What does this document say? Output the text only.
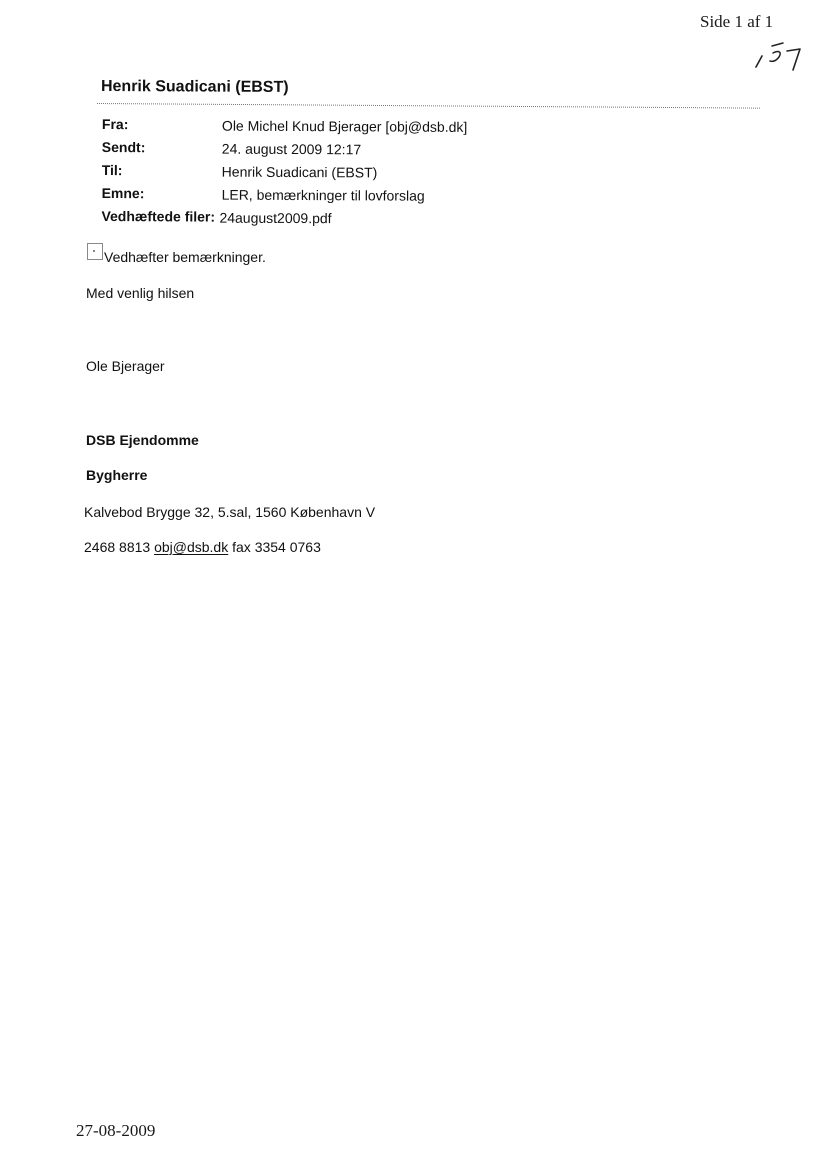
Side 1 af 1
Henrik Suadicani (EBST)
Fra:	Ole Michel Knud Bjerager [obj@dsb.dk]
Sendt:	24. august 2009 12:17
Til:	Henrik Suadicani (EBST)
Emne:	LER, bemærkninger til lovforslag
Vedhæftede filer: 24august2009.pdf
Vedhæfter bemærkninger.
Med venlig hilsen
Ole Bjerager
DSB Ejendomme
Bygherre
Kalvebod Brygge 32, 5.sal, 1560 København V
2468 8813 obj@dsb.dk fax 3354 0763
27-08-2009
